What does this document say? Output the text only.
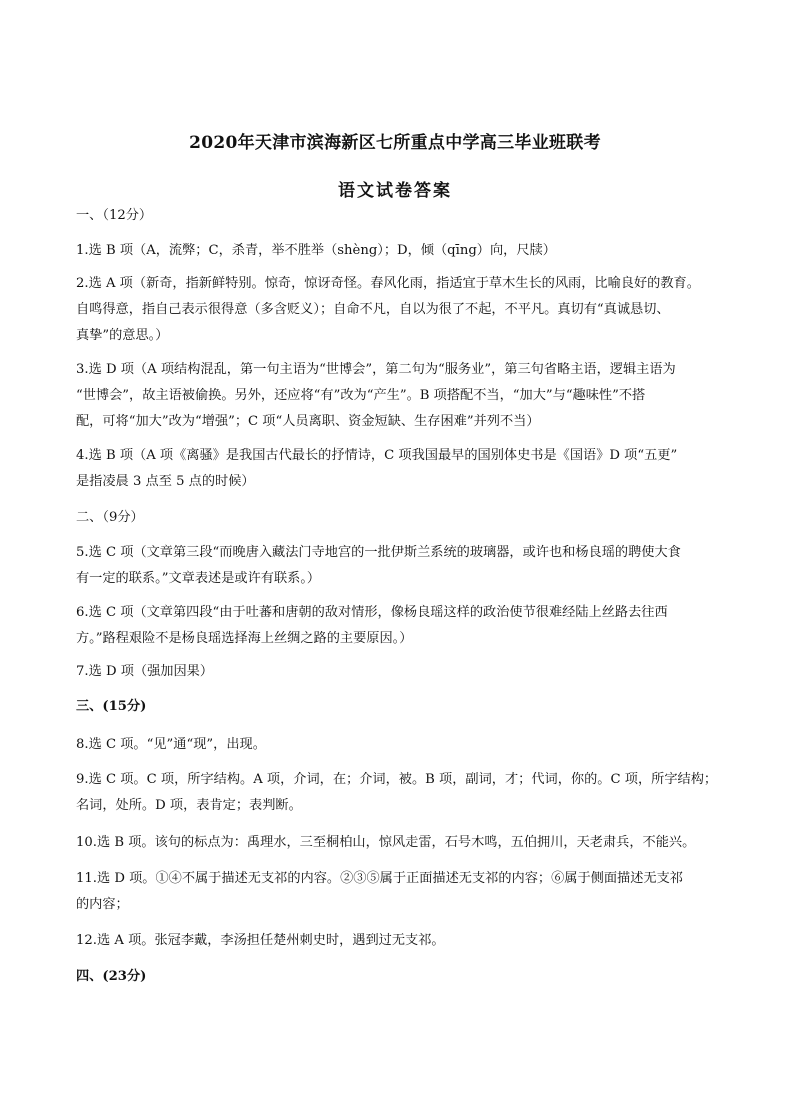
2020年天津市滨海新区七所重点中学高三毕业班联考
语文试卷答案
一、（12分）
1.选 B 项（A，流弊；C，杀青，举不胜举（shèng）；D，倾（qīng）向，尺牍）
2.选 A 项（新奇，指新鲜特别。惊奇，惊讶奇怪。春风化雨，指适宜于草木生长的风雨，比喻良好的教育。
自鸣得意，指自己表示很得意（多含贬义）；自命不凡，自以为很了不起，不平凡。真切有“真诚恳切、
真挚”的意思。）
3.选 D 项（A 项结构混乱，第一句主语为“世博会”，第二句为“服务业”，第三句省略主语，逻辑主语为
“世博会”，故主语被偷换。另外，还应将“有”改为“产生”。B 项搭配不当，“加大”与“趣味性”不搭
配，可将“加大”改为“增强”；C 项“人员离职、资金短缺、生存困难”并列不当）
4.选 B 项（A 项《离骚》是我国古代最长的抒情诗，C 项我国最早的国别体史书是《国语》D 项“五更”
是指凌晨 3 点至 5 点的时候）
二、（9分）
5.选 C 项（文章第三段“而晚唐入藏法门寺地宫的一批伊斯兰系统的玻璃器，或许也和杨良瑶的聘使大食
有一定的联系。”文章表述是或许有联系。）
6.选 C 项（文章第四段“由于吐蕃和唐朝的敌对情形，像杨良瑶这样的政治使节很难经陆上丝路去往西
方。”路程艰险不是杨良瑶选择海上丝绸之路的主要原因。）
7.选 D 项（强加因果）
三、(15分)
8.选 C 项。“见”通“现”，出现。
9.选 C 项。C 项，所字结构。A 项，介词，在；介词，被。B 项，副词，才；代词，你的。C 项，所字结构；
名词，处所。D 项，表肯定；表判断。
10.选 B 项。该句的标点为：禹理水，三至桐柏山，惊风走雷，石号木鸣，五伯拥川，天老肃兵，不能兴。
11.选 D 项。①④不属于描述无支祁的内容。②③⑤属于正面描述无支祁的内容；⑥属于侧面描述无支祁
的内容；
12.选 A 项。张冠李戴，李汤担任楚州刺史时，遇到过无支祁。
四、(23分)
